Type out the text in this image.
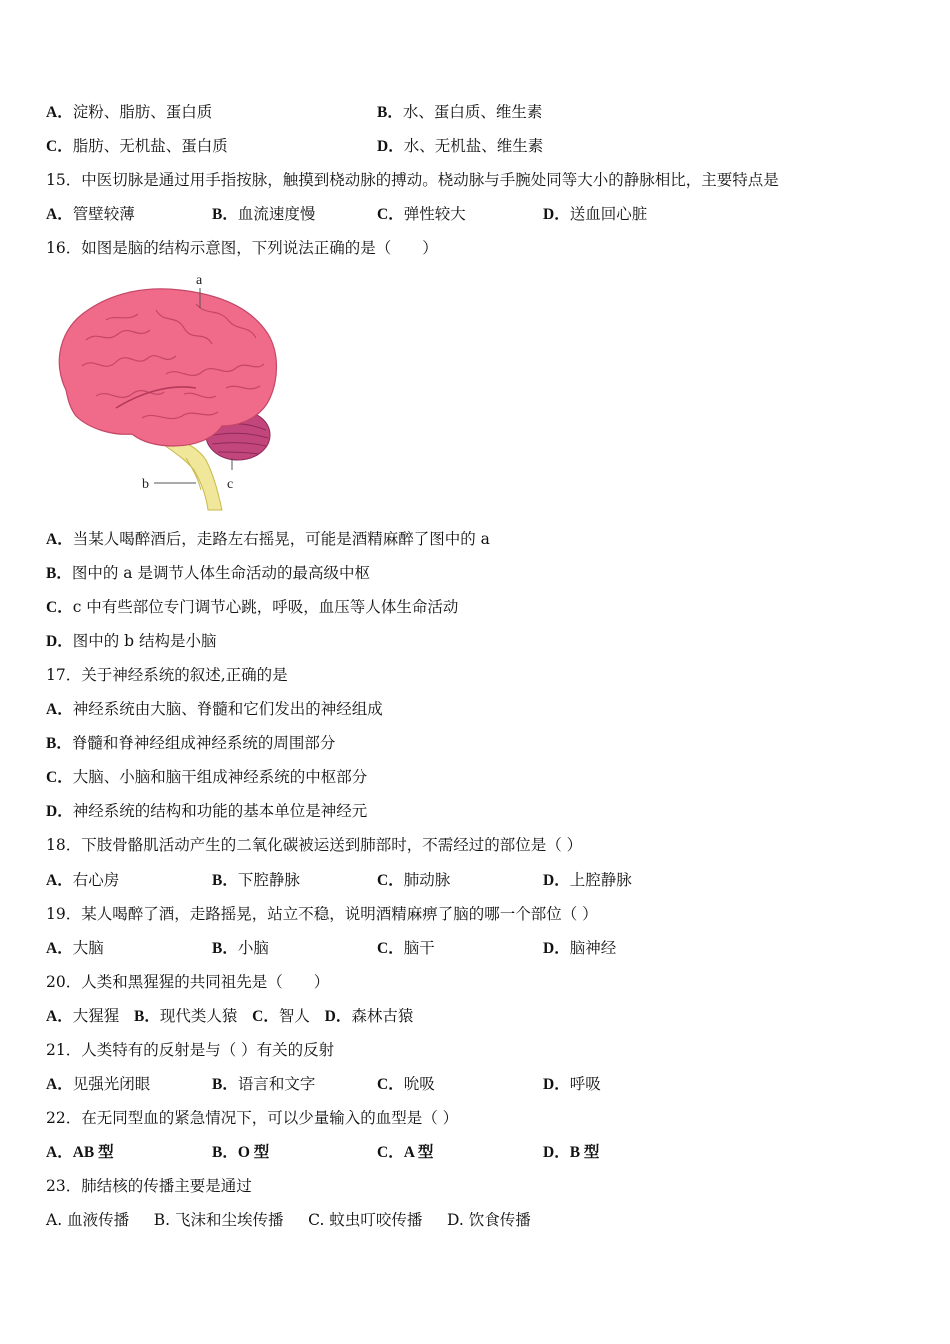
A．淀粉、脂肪、蛋白质	B．水、蛋白质、维生素
C．脂肪、无机盐、蛋白质	D．水、无机盐、维生素
15．中医切脉是通过用手指按脉，触摸到桡动脉的搏动。桡动脉与手腕处同等大小的静脉相比，主要特点是
A．管壁较薄	B．血流速度慢	C．弹性较大	D．送血回心脏
16．如图是脑的结构示意图，下列说法正确的是（　　）
a
b	c
A．当某人喝醉酒后，走路左右摇晃，可能是酒精麻醉了图中的 a
B．图中的 a 是调节人体生命活动的最高级中枢
C．c 中有些部位专门调节心跳，呼吸，血压等人体生命活动
D．图中的 b 结构是小脑
17．关于神经系统的叙述,正确的是
A．神经系统由大脑、脊髓和它们发出的神经组成
B．脊髓和脊神经组成神经系统的周围部分
C．大脑、小脑和脑干组成神经系统的中枢部分
D．神经系统的结构和功能的基本单位是神经元
18．下肢骨骼肌活动产生的二氧化碳被运送到肺部时，不需经过的部位是（ ）
A．右心房	B．下腔静脉	C．肺动脉	D．上腔静脉
19．某人喝醉了酒，走路摇晃，站立不稳，说明酒精麻痹了脑的哪一个部位（ ）
A．大脑	B．小脑	C．脑干	D．脑神经
20．人类和黑猩猩的共同祖先是（　　）
A．大猩猩 B．现代类人猿 C．智人 D．森林古猿
21．人类特有的反射是与（ ）有关的反射
A．见强光闭眼	B．语言和文字	C．吮吸	D．呼吸
22．在无同型血的紧急情况下，可以少量输入的血型是（ ）
A．AB 型	B．O 型	C．A 型	D．B 型
23．肺结核的传播主要是通过
A. 血液传播 B. 飞沫和尘埃传播 C. 蚊虫叮咬传播 D. 饮食传播
